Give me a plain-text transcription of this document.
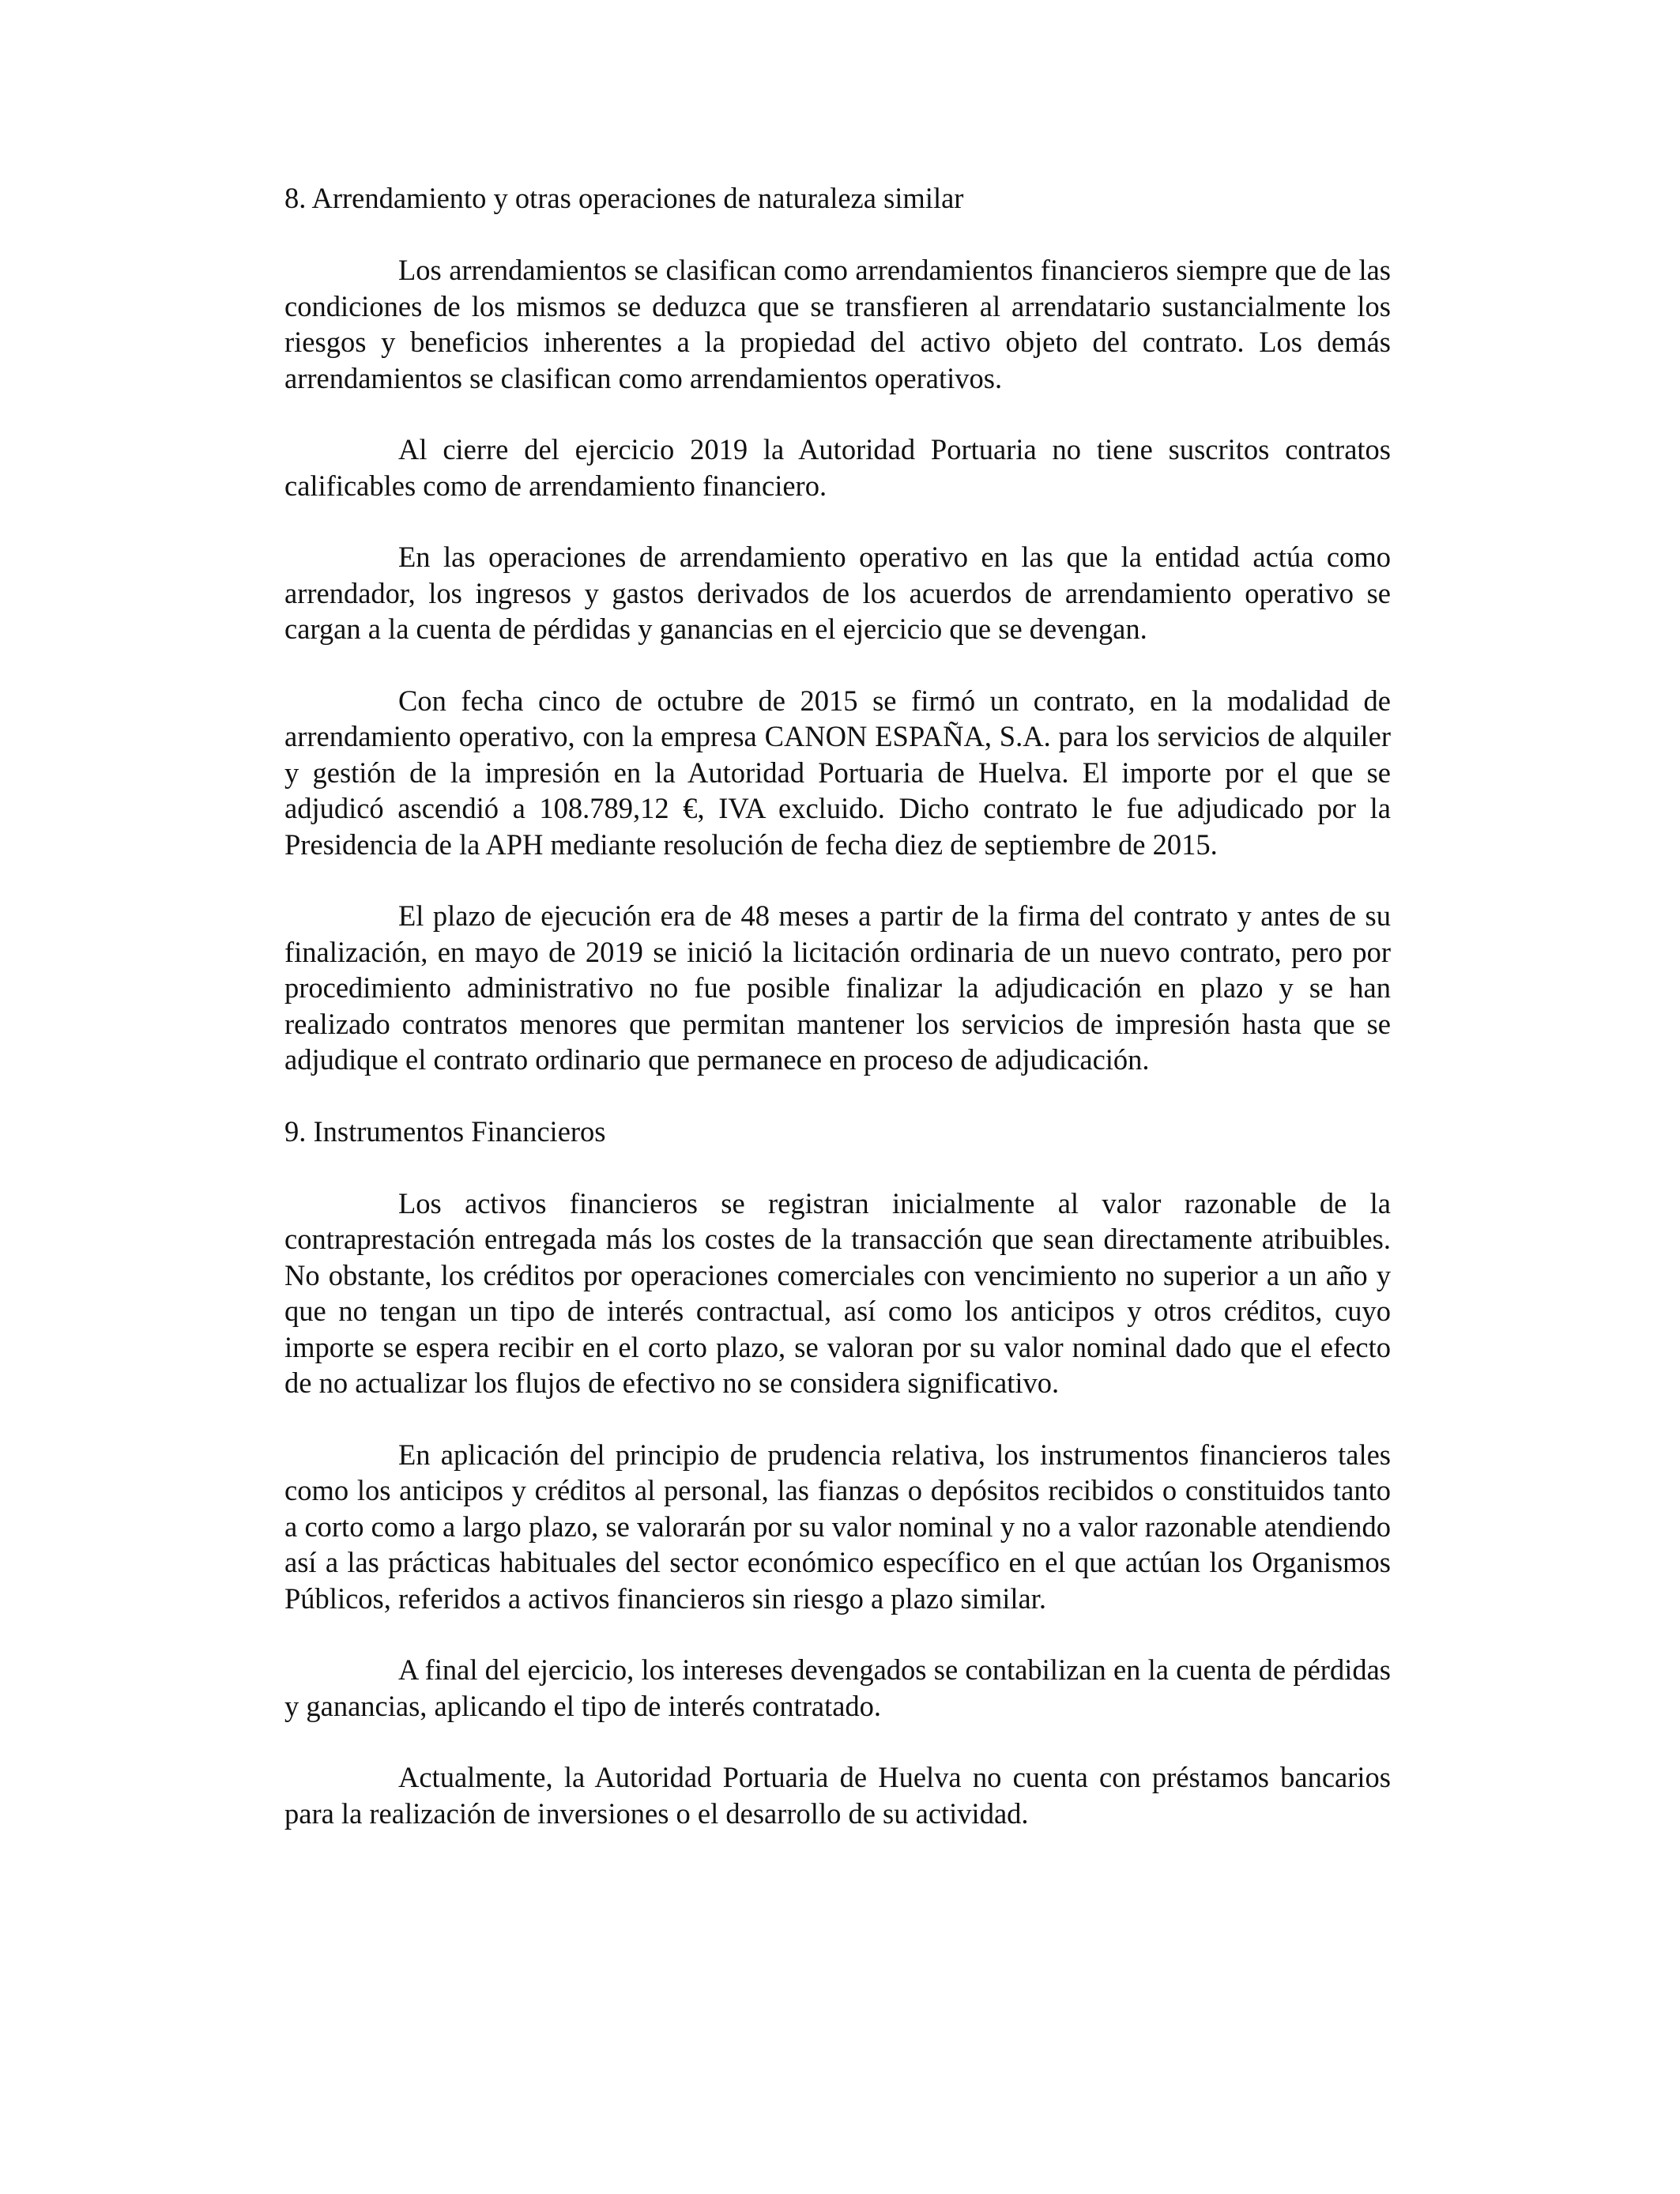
8. Arrendamiento y otras operaciones de naturaleza similar

Los arrendamientos se clasifican como arrendamientos financieros siempre que de las condiciones de los mismos se deduzca que se transfieren al arrendatario sustancialmente los riesgos y beneficios inherentes a la propiedad del activo objeto del contrato. Los demás arrendamientos se clasifican como arrendamientos operativos.

Al cierre del ejercicio 2019 la Autoridad Portuaria no tiene suscritos contratos calificables como de arrendamiento financiero.

En las operaciones de arrendamiento operativo en las que la entidad actúa como arrendador, los ingresos y gastos derivados de los acuerdos de arrendamiento operativo se cargan a la cuenta de pérdidas y ganancias en el ejercicio que se devengan.

Con fecha cinco de octubre de 2015 se firmó un contrato, en la modalidad de arrendamiento operativo, con la empresa CANON ESPAÑA, S.A. para los servicios de alquiler y gestión de la impresión en la Autoridad Portuaria de Huelva. El importe por el que se adjudicó ascendió a 108.789,12 €, IVA excluido. Dicho contrato le fue adjudicado por la Presidencia de la APH mediante resolución de fecha diez de septiembre de 2015.

El plazo de ejecución era de 48 meses a partir de la firma del contrato y antes de su finalización, en mayo de 2019 se inició la licitación ordinaria de un nuevo contrato, pero por procedimiento administrativo no fue posible finalizar la adjudicación en plazo y se han realizado contratos menores que permitan mantener los servicios de impresión hasta que se adjudique el contrato ordinario que permanece en proceso de adjudicación.

9. Instrumentos Financieros

Los activos financieros se registran inicialmente al valor razonable de la contraprestación entregada más los costes de la transacción que sean directamente atribuibles. No obstante, los créditos por operaciones comerciales con vencimiento no superior a un año y que no tengan un tipo de interés contractual, así como los anticipos y otros créditos, cuyo importe se espera recibir en el corto plazo, se valoran por su valor nominal dado que el efecto de no actualizar los flujos de efectivo no se considera significativo.

En aplicación del principio de prudencia relativa, los instrumentos financieros tales como los anticipos y créditos al personal, las fianzas o depósitos recibidos o constituidos tanto a corto como a largo plazo, se valorarán por su valor nominal y no a valor razonable atendiendo así a las prácticas habituales del sector económico específico en el que actúan los Organismos Públicos, referidos a activos financieros sin riesgo a plazo similar.

A final del ejercicio, los intereses devengados se contabilizan en la cuenta de pérdidas y ganancias, aplicando el tipo de interés contratado.

Actualmente, la Autoridad Portuaria de Huelva no cuenta con préstamos bancarios para la realización de inversiones o el desarrollo de su actividad.
